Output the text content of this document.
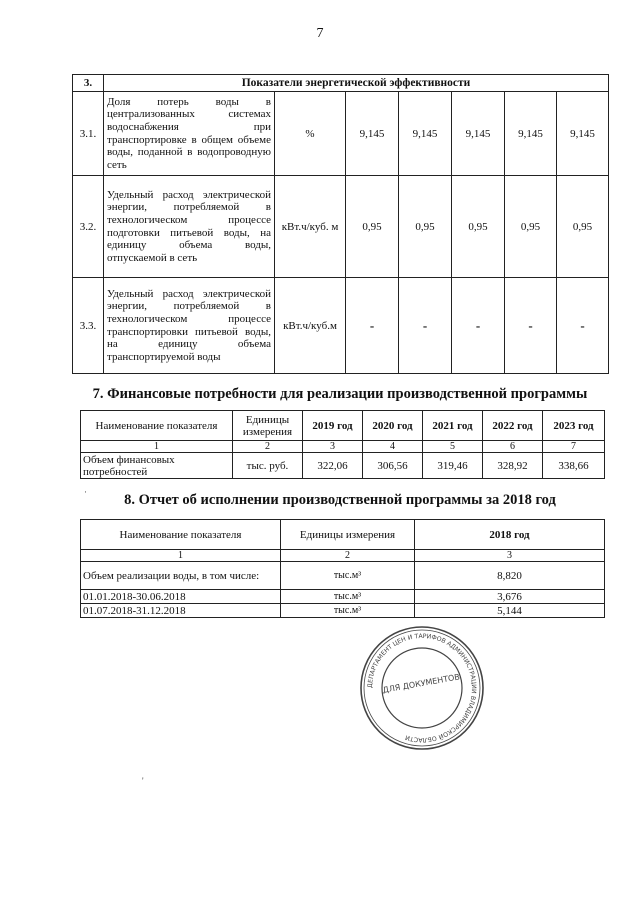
7
3.	Показатели энергетической эффективности						
3.1.	Доля потерь воды в централизованных системах водоснабжения при транспортировке в общем объеме воды, поданной в водопроводную сеть	%	9,145	9,145	9,145	9,145	9,145
3.2.	Удельный расход электрической энергии, потребляемой в технологическом процессе подготовки питьевой воды, на единицу объема воды, отпускаемой в сеть	кВт.ч/куб. м	0,95	0,95	0,95	0,95	0,95
3.3.	Удельный расход электрической энергии, потребляемой в технологическом процессе транспортировки питьевой воды, на единицу объема транспортируемой воды	кВт.ч/куб.м	-	-	-	-	-
7. Финансовые потребности для реализации производственной программы
Наименование показателя	Единицы измерения	2019 год	2020 год	2021 год	2022 год	2023 год
1	2	3	4	5	6	7
Объем финансовых потребностей	тыс. руб.	322,06	306,56	319,46	328,92	338,66
8. Отчет об исполнении производственной программы за 2018 год
Наименование показателя	Единицы измерения	2018 год
1	2	3
Объем реализации воды, в том числе:	тыс.м³	8,820
01.01.2018-30.06.2018	тыс.м³	3,676
01.07.2018-31.12.2018	тыс.м³	5,144
ДЕПАРТАМЕНТ ЦЕН И ТАРИФОВ АДМИНИСТРАЦИИ ВЛАДИМИРСКОЙ ОБЛАСТИ
ДЛЯ ДОКУМЕНТОВ
'
·
